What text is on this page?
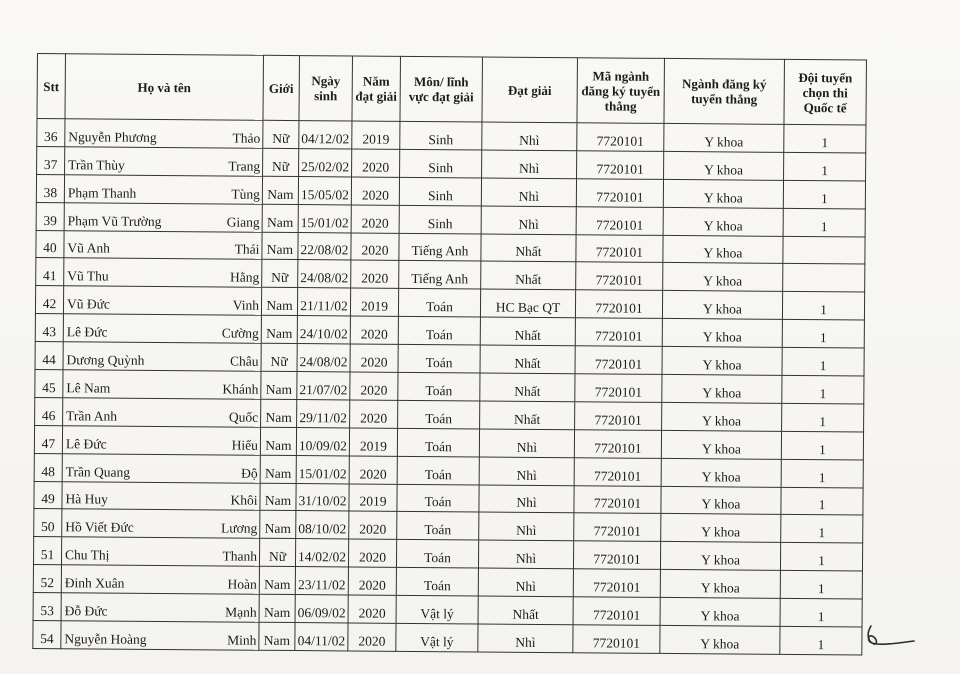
Stt	Họ và tên	Giới	Ngày sinh	Năm đạt giải	Môn/ lĩnh vực đạt giải	Đạt giải	Mã ngành đăng ký tuyển thẳng	Ngành đăng ký tuyển thẳng	Đội tuyển chọn thi Quốc tế
36	Nguyễn Phương Thảo	Nữ	04/12/02	2019	Sinh	Nhì	7720101	Y khoa	1
37	Trần Thùy Trang	Nữ	25/02/02	2020	Sinh	Nhì	7720101	Y khoa	1
38	Phạm Thanh Tùng	Nam	15/05/02	2020	Sinh	Nhì	7720101	Y khoa	1
39	Phạm Vũ Trường Giang	Nam	15/01/02	2020	Sinh	Nhì	7720101	Y khoa	1
40	Vũ Anh Thái	Nam	22/08/02	2020	Tiếng Anh	Nhất	7720101	Y khoa	
41	Vũ Thu Hằng	Nữ	24/08/02	2020	Tiếng Anh	Nhất	7720101	Y khoa	
42	Vũ Đức Vinh	Nam	21/11/02	2019	Toán	HC Bạc QT	7720101	Y khoa	1
43	Lê Đức Cường	Nam	24/10/02	2020	Toán	Nhất	7720101	Y khoa	1
44	Dương Quỳnh Châu	Nữ	24/08/02	2020	Toán	Nhất	7720101	Y khoa	1
45	Lê Nam Khánh	Nam	21/07/02	2020	Toán	Nhất	7720101	Y khoa	1
46	Trần Anh Quốc	Nam	29/11/02	2020	Toán	Nhất	7720101	Y khoa	1
47	Lê Đức Hiếu	Nam	10/09/02	2019	Toán	Nhì	7720101	Y khoa	1
48	Trần Quang Độ	Nam	15/01/02	2020	Toán	Nhì	7720101	Y khoa	1
49	Hà Huy Khôi	Nam	31/10/02	2019	Toán	Nhì	7720101	Y khoa	1
50	Hồ Viết Đức Lương	Nam	08/10/02	2020	Toán	Nhì	7720101	Y khoa	1
51	Chu Thị Thanh	Nữ	14/02/02	2020	Toán	Nhì	7720101	Y khoa	1
52	Đinh Xuân Hoàn	Nam	23/11/02	2020	Toán	Nhì	7720101	Y khoa	1
53	Đỗ Đức Mạnh	Nam	06/09/02	2020	Vật lý	Nhất	7720101	Y khoa	1
54	Nguyễn Hoàng Minh	Nam	04/11/02	2020	Vật lý	Nhì	7720101	Y khoa	1
